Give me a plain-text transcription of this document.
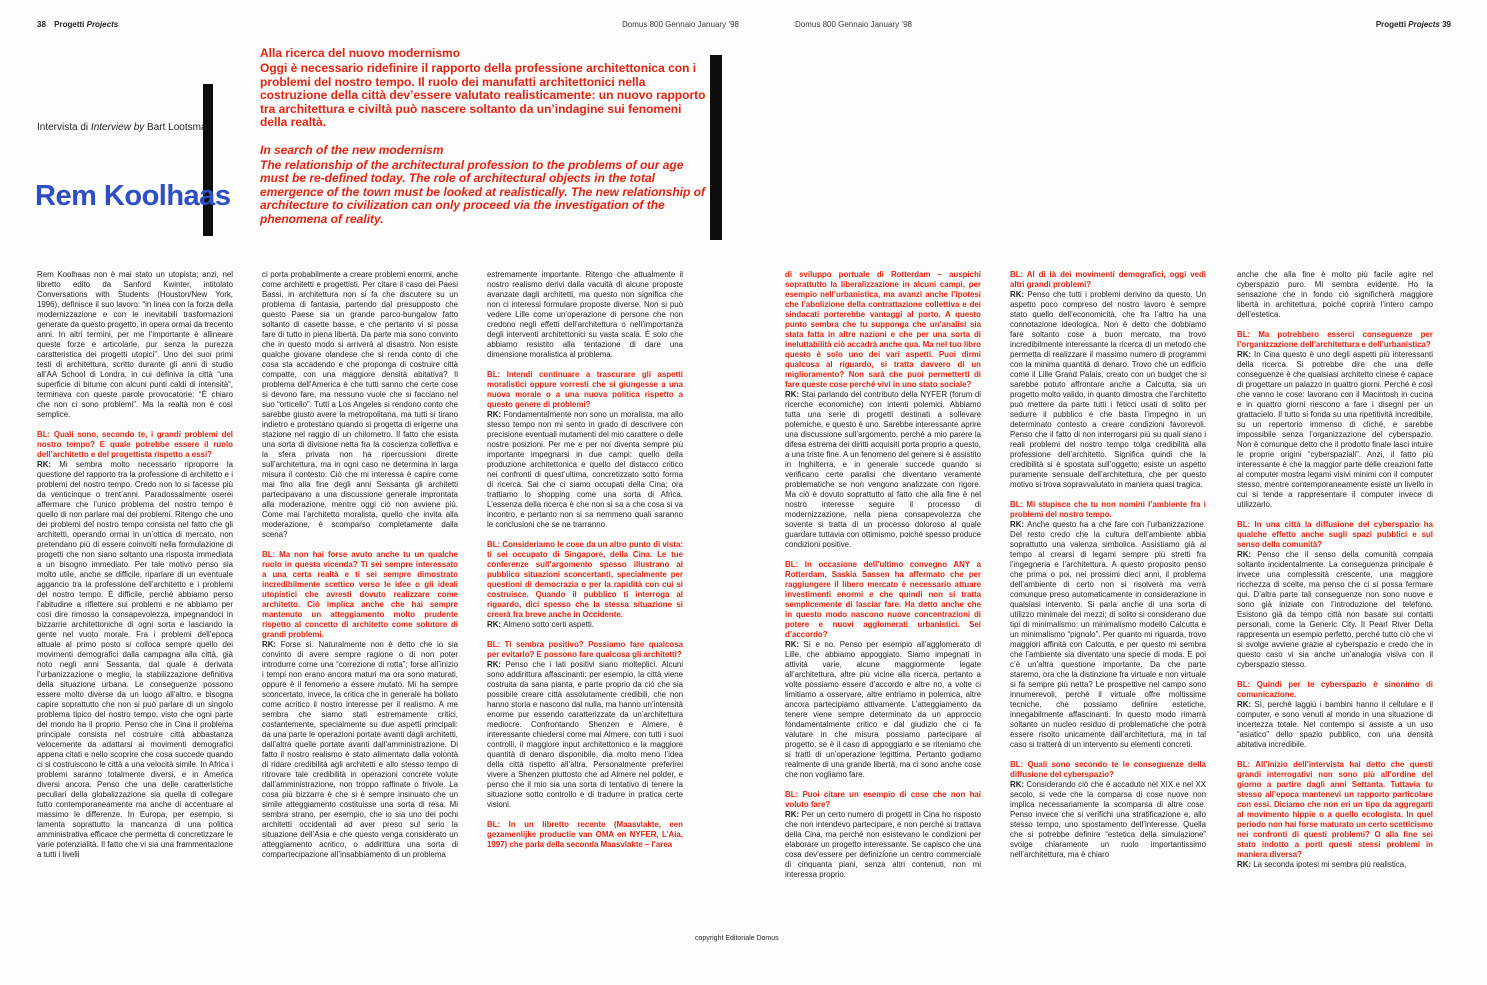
38 Progetti Projects	Domus 800 Gennaio January ’98	Domus 800 Gennaio January ’98	Progetti Projects 39
Intervista di Interview by Bart Lootsma
Rem Koolhaas
Alla ricerca del nuovo modernismo

Oggi è necessario ridefinire il rapporto della professione architettonica con i problemi del nostro tempo. Il ruolo dei manufatti architettonici nella costruzione della città dev’essere valutato realisticamente: un nuovo rapporto tra architettura e civiltà può nascere soltanto da un’indagine sui fenomeni della realtà.

In search of the new modernism

The relationship of the architectural profession to the problems of our age must be re-defined today. The role of architectural objects in the total emergence of the town must be looked at realistically. The new relationship of architecture to civilization can only proceed via the investigation of the phenomena of reality.

Rem Koolhaas non è mai stato un utopista; anzi, nel libretto edito da Sanford Kwinter, intitolato Conversations with Students (Houston/New York, 1996), definisce il suo lavoro: “in linea con la forza della modernizzazione e con le inevitabili trasformazioni generate da questo progetto, in opera ormai da trecento anni. In altri termini, per me l’importante è allineare queste forze e articolarle, pur senza la purezza caratteristica dei progetti utopici”. Uno dei suoi primi testi di architettura, scritto durante gli anni di studio all’AA School di Londra, in cui definiva la città “una superficie di bitume con alcuni punti caldi di intensità”, terminava con queste parole provocatorie: “È chiaro che non ci sono problemi”. Ma la realtà non è così semplice.

BL: Quali sono, secondo te, i grandi problemi del nostro tempo? E quale potrebbe essere il ruolo dell’architetto e del progettista rispetto a essi?

RK: Mi sembra molto necessario riproporre la questione del rapporto tra la professione di architetto e i problemi del nostro tempo. Credo non lo si facesse più da venticinque o trent’anni. Paradossalmente oserei affermare che l’unico problema del nostro tempo è quello di non parlare mai dei problemi. Ritengo che uno dei problemi del nostro tempo consista nel fatto che gli architetti, operando ormai in un’ottica di mercato, non pretendano più di essere coinvolti nella formulazione di progetti che non siano soltanto una risposta immediata a un bisogno immediato. Per tale motivo penso sia molto utile, anche se difficile, riparlare di un eventuale aggancio tra la professione dell’architetto e i problemi del nostro tempo. È difficile, perché abbiamo perso l’abitudine a riflettere sui problemi e ne abbiamo per così dire rimosso la consapevolezza, impegnandoci in bizzarrie architettoniche di ogni sorta e lasciando la gente nel vuoto morale. Fra i problemi dell’epoca attuale al primo posto si colloca sempre quello dei movimenti demografici dalla campagna alla città, già noto negli anni Sessanta, dal quale è derivata l’urbanizzazione o meglio, la stabilizzazione definitiva della situazione urbana. Le conseguenze possono essere molto diverse da un luogo all’altro, e bisogna capire soprattutto che non si può parlare di un singolo problema tipico del nostro tempo, visto che ogni parte del mondo ha il proprio. Penso che in Cina il problema principale consista nel costruire città abbastanza velocemente da adattarsi ai movimenti demografici appena citati e nello scoprire che cosa succede quando ci si costruiscono le città a una velocità simile. In Africa i problemi saranno totalmente diversi, e in America diversi ancora. Penso che una delle caratteristiche peculiari della globalizzazione sia quella di collegare tutto contemporaneamente ma anche di accentuare al massimo le differenze. In Europa, per esempio, si lamenta soprattutto la mancanza di una politica amministrativa efficace che permetta di concretizzare le varie potenzialità. Il fatto che vi sia una frammentazione a tutti i livelli

ci porta probabilmente a creare problemi enormi, anche come architetti e progettisti. Per citare il caso dei Paesi Bassi, in architettura non si fa che discutere su un problema di fantasia, partendo dal presupposto che questo Paese sia un grande parco-bungalow fatto soltanto di casette basse, e che pertanto vi si possa fare di tutto in piena libertà. Da parte mia sono convinto che in questo modo si arriverà al disastro. Non esiste qualche giovane olandese che si renda conto di che cosa sta accadendo e che proponga di costruire città compatte, con una maggiore densità abitativa? Il problema dell’America è che tutti sanno che certe cose si devono fare, ma nessuno vuole che si facciano nel suo “orticello”. Tutti a Los Angeles si rendono conto che sarebbe giusto avere la metropolitana, ma tutti si tirano indietro e protestano quando si progetta di erigerne una stazione nel raggio di un chilometro. Il fatto che esista una sorta di divisione netta fra la coscienza collettiva e la sfera privata non ha ripercussioni dirette sull’architettura, ma in ogni caso ne determina in larga misura il contesto. Ciò che mi interessa è capire come mai fino alla fine degli anni Sessanta gli architetti partecipavano a una discussione generale improntata alla moderazione, mentre oggi ciò non avviene più. Come mai l’architetto moralista, quello che invita alla moderazione, è scomparso completamente dalla scena?

BL: Ma non hai forse avuto anche tu un qualche ruolo in questa vicenda? Ti sei sempre interessato a una certa realtà e ti sei sempre dimostrato incredibilmente scettico verso le idee o gli ideali utopistici che avresti dovuto realizzare come architetto. Ciò implica anche che hai sempre mantenuto un atteggiamento molto prudente rispetto al concetto di architetto come solutore di grandi problemi.

RK: Forse sì. Naturalmente non è detto che io sia convinto di avere sempre ragione o di non poter introdurre come una “correzione di rotta”; forse all’inizio i tempi non erano ancora maturi ma ora sono maturati, oppure è il fenomeno a essere mutato. Mi ha sempre sconcertato, invece, la critica che in generale ha bollato come acritico il nostro interesse per il realismo. A me sembra che siamo stati estremamente critici, costantemente, specialmente su due aspetti principali: da una parte le operazioni portate avanti dagli architetti, dall’altra quelle portate avanti dall’amministrazione. Di fatto il nostro realismo è stato alimentato dalla volontà di ridare credibilità agli architetti e allo stesso tempo di ritrovare tale credibilità in operazioni concrete volute dall’amministrazione, non troppo raffinate o frivole. La cosa più bizzarra è che si è sempre insinuato che un simile atteggiamento costituisse una sorta di resa. Mi sembra strano, per esempio, che io sia uno dei pochi architetti occidentali ad aver preso sul serio la situazione dell’Asia e che questo venga considerato un atteggiamento acritico, o addirittura una sorta di compartecipazione all’insabbiamento di un problema

estremamente importante. Ritengo che attualmente il nostro realismo derivi dalla vacuità di alcune proposte avanzate dagli architetti, ma questo non significa che non ci interessi formulare proposte diverse. Non si può vedere Lille come un’operazione di persone che non credono negli effetti dell’architettura o nell’importanza degli interventi architettonici su vasta scala. È solo che abbiamo resistito alla tentazione di dare una dimensione moralistica al problema.

BL: Intendi continuare a trascurare gli aspetti moralistici oppure vorresti che si giungesse a una nuova morale o a una nuova politica rispetto a questo genere di problemi?

RK: Fondamentalmente non sono un moralista, ma allo stesso tempo non mi sento in grado di descrivere con precisione eventuali mutamenti del mio carattere o delle nostre posizioni. Per me e per noi diventa sempre più importante impegnarsi in due campi: quello della produzione architettonica e quello del distacco critico nei confronti di quest’ultima, concretizzato sotto forma di ricerca. Sai che ci siamo occupati della Cina; ora trattiamo lo shopping come una sorta di Africa. L’essenza della ricerca è che non si sa a che cosa si va incontro, e pertanto non si sa nemmeno quali saranno le conclusioni che se ne trarranno.

BL: Consideriamo le cose da un altro punto di vista: ti sei occupato di Singapore, della Cina. Le tue conferenze sull’argomento spesso illustrano al pubblico situazioni sconcertanti, specialmente per questioni di democrazia o per la rapidità con cui si costruisce. Quando il pubblico ti interroga al riguardo, dici spesso che la stessa situazione si creerà fra breve anche in Occidente.

RK: Almeno sotto certi aspetti.

BL: Ti sembra positivo? Possiamo fare qualcosa per evitarlo? E possono fare qualcosa gli architetti?

RK: Penso che i lati positivi siano molteplici. Alcuni sono addirittura affascinanti: per esempio, la città viene costruita da sana pianta, e parte proprio da ciò che sia possibile creare città assolutamente credibili, che non hanno storia e nascono dal nulla, ma hanno un’intensità enorme pur essendo caratterizzate da un’architettura mediocre. Confrontando Shenzen e Almere, è interessante chiedersi come mai Almere, con tutti i suoi controlli, il maggiore input architettonico e la maggiore quantità di denaro disponibile, dia molto meno l’idea della città rispetto all’altra. Personalmente preferirei vivere a Shenzen piuttosto che ad Almere nel polder, e penso che il mio sia una sorta di tentativo di tenere la situazione sotto controllo e di tradurre in pratica certe visioni.

BL: In un libretto recente (Maasvlakte, een gezamenlijke productie van OMA en NYFER, L’Aia, 1997) che parla della seconda Maasvlakte – l’area

di sviluppo portuale di Rotterdam – auspichi soprattutto la liberalizzazione in alcuni campi, per esempio nell’urbanistica, ma avanzi anche l’ipotesi che l’abolizione della contrattazione collettiva e dei sindacati porterebbe vantaggi al porto. A questo punto sembra che tu supponga che un’analisi sia stata fatta in altre nazioni e che per una sorta di ineluttabilità ciò accadrà anche qua. Ma nel tuo libro questo è solo uno dei vari aspetti. Puoi dirmi qualcosa al riguardo, si tratta davvero di un miglioramento? Non sarà che puoi permetterti di fare queste cose perché vivi in uno stato sociale?

RK: Stai parlando del contributo della NYFER (forum di ricerche economiche) con intenti polemici. Abbiamo tutta una serie di progetti destinati a sollevare polemiche, e questo è uno. Sarebbe interessante aprire una discussione sull’argomento, perché a mio parere la difesa estrema dei diritti acquisiti porta proprio a questo, a una triste fine. A un fenomeno del genere si è assistito in Inghilterra, e in generale succede quando si verificano certe paralisi che diventano veramente problematiche se non vengono analizzate con rigore. Ma ciò è dovuto soprattutto al fatto che alla fine è nel nostro interesse seguire il processo di modernizzazione, nella piena consapevolezza che sovente si tratta di un processo doloroso al quale guardare tuttavia con ottimismo, poiché spesso produce condizioni positive.

BL: In occasione dell’ultimo convegno ANY a Rotterdam, Saskia Sassen ha affermato che per raggiungere il libero mercato è necessario attuare investimenti enormi e che quindi non si tratta semplicemente di lasciar fare. Ha detto anche che in questo modo nascono nuove concentrazioni di potere e nuovi agglomerati urbanistici. Sei d’accordo?

RK: Sì e no. Penso per esempio all’agglomerato di Lille, che abbiamo appoggiato. Siamo impegnati in attività varie, alcune maggiormente legate all’architettura, altre più vicine alla ricerca, pertanto a volte possiamo essere d’accordo e altre no, a volte ci limitiamo a osservare, altre entriamo in polemica, altre ancora partecipiamo attivamente. L’atteggiamento da tenere viene sempre determinato da un approccio fondamentalmente critico e dal giudizio che ci fa valutare in che misura possiamo partecipare al progetto, se è il caso di appoggiarlo e se riteniamo che si tratti di un’operazione legittima. Pertanto godiamo realmente di una grande libertà, ma ci sono anche cose che non vogliamo fare.

BL: Puoi citare un esempio di cose che non hai voluto fare?

RK: Per un certo numero di progetti in Cina ho risposto che non intendevo partecipare, e non perché si trattava della Cina, ma perché non esistevano le condizioni per elaborare un progetto interessante. Se capisco che una cosa dev’essere per definizione un centro commerciale di cinquanta piani, senza altri contenuti, non mi interessa proprio.

BL: Al di là dei movimenti demografici, oggi vedi altri grandi problemi?

RK: Penso che tutti i problemi derivino da questo. Un aspetto poco compreso del nostro lavoro è sempre stato quello dell’economicità, che fra l’altro ha una connotazione ideologica. Non è detto che dobbiamo fare soltanto cose a buon mercato, ma trovo incredibilmente interessante la ricerca di un metodo che permetta di realizzare il massimo numero di programmi con la minima quantità di denaro. Trovo che un edificio come il Lille Grand Palais, creato con un budget che si sarebbe potuto affrontare anche a Calcutta, sia un progetto molto valido, in quanto dimostra che l’architetto può mettere da parte tutti i feticci usati di solito per sedurre il pubblico e che basta l’impegno in un determinato contesto a creare condizioni favorevoli. Penso che il fatto di non interrogarsi più su quali siano i reali problemi del nostro tempo tolga credibilità alla professione dell’architetto. Significa quindi che la credibilità si è spostata sull’oggetto; esiste un aspetto puramente sensuale dell’architettura, che per questo motivo si trova sopravvalutato in maniera quasi tragica.

BL: Mi stupisce che tu non nomini l’ambiente fra i problemi del nostro tempo.

RK: Anche questo ha a che fare con l’urbanizzazione. Del resto credo che la cultura dell’ambiente abbia soprattutto una valenza simbolica. Assistiamo già al tempo al crearsi di legami sempre più stretti fra l’ingegneria e l’architettura. A questo proposito penso che prima o poi, nei prossimi dieci anni, il problema dell’ambiente di certo non si risolverà ma verrà comunque preso automaticamente in considerazione in qualsiasi intervento. Si parla anche di una sorta di utilizzo minimale dei mezzi; di solito si considerano due tipi di minimalismo: un minimalismo modello Calcutta e un minimalismo “pignolo”. Per quanto mi riguarda, trovo maggiori affinità con Calcutta, e per questo mi sembra che l’ambiente sia diventato una specie di moda. E poi c’è un’altra questione importante. Da che parte staremo, ora che la distinzione fra virtuale e non virtuale si fa sempre più netta? Le prospettive nel campo sono innumerevoli, perché il virtuale offre moltissime tecniche, che possiamo definire estetiche, innegabilmente affascinanti. In questo modo rimarrà soltanto un nucleo residuo di problematiche che potrà essere risolto unicamente dall’architettura, ma in tal caso si tratterà di un intervento su elementi concreti.

BL: Quali sono secondo te le conseguenze della diffusione del cyberspazio?

RK: Considerando ciò che è accaduto nel XIX e nel XX secolo, si vede che la comparsa di cose nuove non implica necessariamente la scomparsa di altre cose. Penso invece che si verifichi una stratificazione e, allo stesso tempo, uno spostamento dell’interesse. Quella che si potrebbe definire “estetica della simulazione” svolge chiaramente un ruolo importantissimo nell’architettura, ma è chiaro

anche che alla fine è molto più facile agire nel cyberspazio puro. Mi sembra evidente. Ho la sensazione che in fondo ciò significherà maggiore libertà in architettura, poiché coprirà l’intero campo dell’estetica.

BL: Ma potrebbero esserci conseguenze per l’organizzazione dell’architettura e dell’urbanistica?

RK: In Cina questo è uno degli aspetti più interessanti della ricerca. Si potrebbe dire che una delle conseguenze è che qualsiasi architetto cinese è capace di progettare un palazzo in quattro giorni. Perché è così che vanno le cose: lavorano con il Macintosh in cucina e in quattro giorni riescono a fare i disegni per un grattacielo. Il tutto si fonda su una ripetitività incredibile, su un repertorio immenso di cliché, e sarebbe impossibile senza l’organizzazione del cyberspazio. Non è comunque detto che il prodotto finale lasci intuire le proprie origini “cyberspaziali”. Anzi, il fatto più interessante è che la maggior parte delle creazioni fatte al computer mostra legami visivi minimi con il computer stesso, mentre contemporaneamente esiste un livello in cui si tende a rappresentare il computer invece di utilizzarlo.

BL: In una città la diffusione del cyberspazio ha qualche effetto anche sugli spazi pubblici e sul senso della comunità?

RK: Penso che il senso della comunità compaia soltanto incidentalmente. La conseguenza principale è invece una complessità crescente, una maggiore ricchezza di scelte, ma penso che ci si possa fermare qui. D’altra parte tali conseguenze non sono nuove e sono già iniziate con l’introduzione del telefono. Esistono già da tempo città non basate sui contatti personali, come la Generic City. Il Pearl River Delta rappresenta un esempio perfetto, perché tutto ciò che vi si svolge avviene grazie al cyberspazio e credo che in questo caso vi sia anche un’analogia visiva con il cyberspazio stesso.

BL: Quindi per te cyberspazio è sinonimo di comunicazione.

RK: Sì, perché laggiù i bambini hanno il cellulare e il computer, e sono venuti al mondo in una situazione di incertezza totale. Nel contempo si assiste a un uso “asiatico” dello spazio pubblico, con una densità abitativa incredibile.

BL: All’inizio dell’intervista hai detto che questi grandi interrogativi non sono più all’ordine del giorno a partire dagli anni Settanta. Tuttavia tu stesso all’epoca mantenevi un rapporto particolare con essi. Diciamo che non eri un tipo da aggregarti al movimento hippie o a quello ecologista. In quel periodo non hai forse maturato un certo scetticismo nei confronti di questi problemi? O alla fine sei stato indotto a porti questi stessi problemi in maniera diversa?

RK: La seconda ipotesi mi sembra più realistica,

copyright Editoriale Domus
